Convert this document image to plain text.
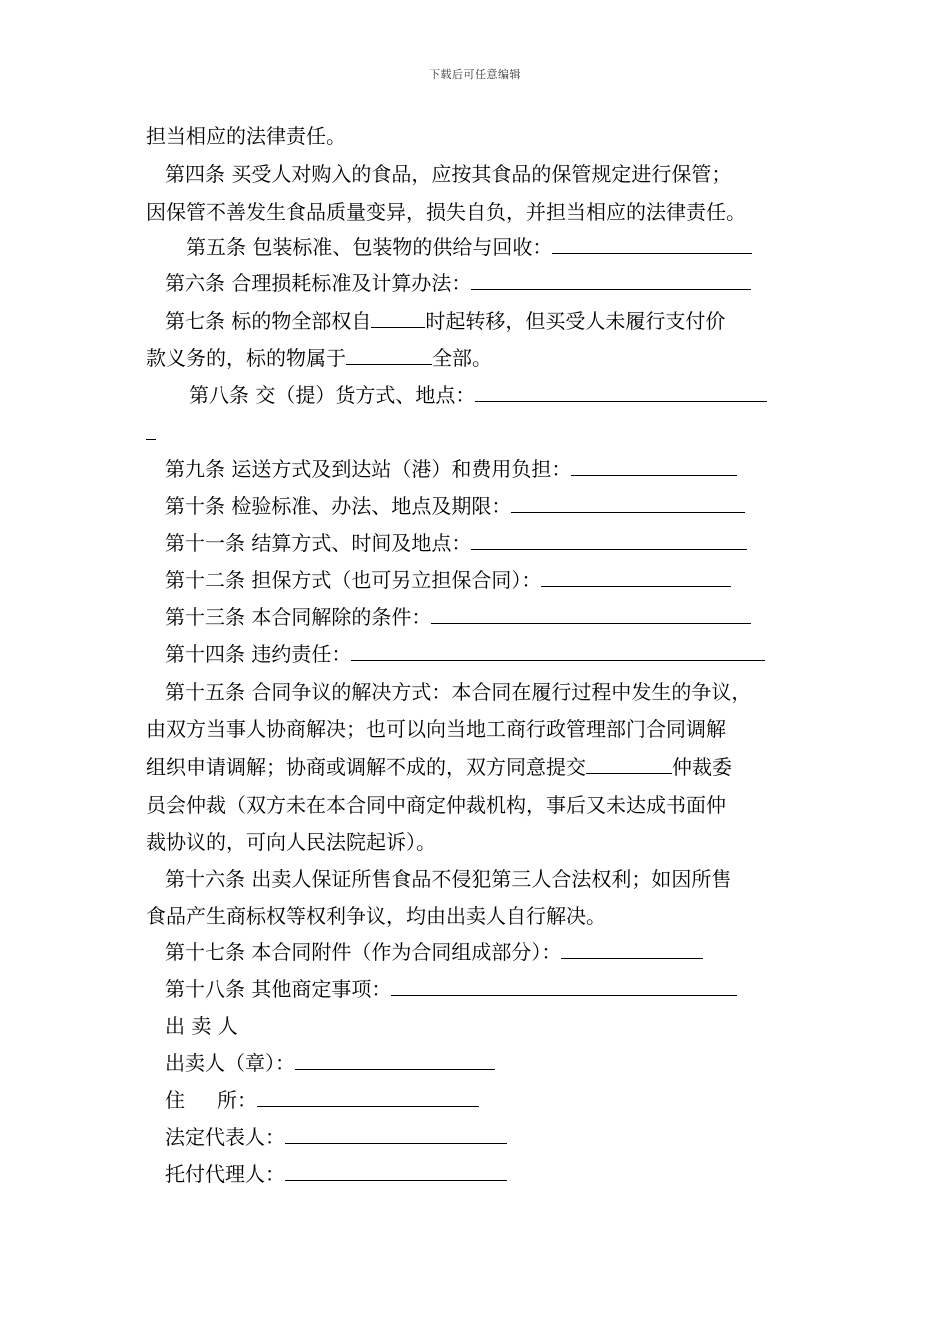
下载后可任意编辑
担当相应的法律责任。
第四条 买受人对购入的食品，应按其食品的保管规定进行保管；
因保管不善发生食品质量变异，损失自负，并担当相应的法律责任。
第五条 包装标准、包装物的供给与回收：
第六条 合理损耗标准及计算办法：
第七条 标的物全部权自	时起转移，但买受人未履行支付价
款义务的，标的物属于	全部。
第八条 交（提）货方式、地点：
第九条 运送方式及到达站（港）和费用负担：
第十条 检验标准、办法、地点及期限：
第十一条 结算方式、时间及地点：
第十二条 担保方式（也可另立担保合同）：
第十三条 本合同解除的条件：
第十四条 违约责任：
第十五条 合同争议的解决方式：本合同在履行过程中发生的争议，
由双方当事人协商解决；也可以向当地工商行政管理部门合同调解
组织申请调解；协商或调解不成的，双方同意提交	仲裁委
员会仲裁（双方未在本合同中商定仲裁机构，事后又未达成书面仲
裁协议的，可向人民法院起诉）。
第十六条 出卖人保证所售食品不侵犯第三人合法权利；如因所售
食品产生商标权等权利争议，均由出卖人自行解决。
第十七条 本合同附件（作为合同组成部分）：
第十八条 其他商定事项：
出 卖 人
出卖人（章）：
住 所：
法定代表人：
托付代理人：
